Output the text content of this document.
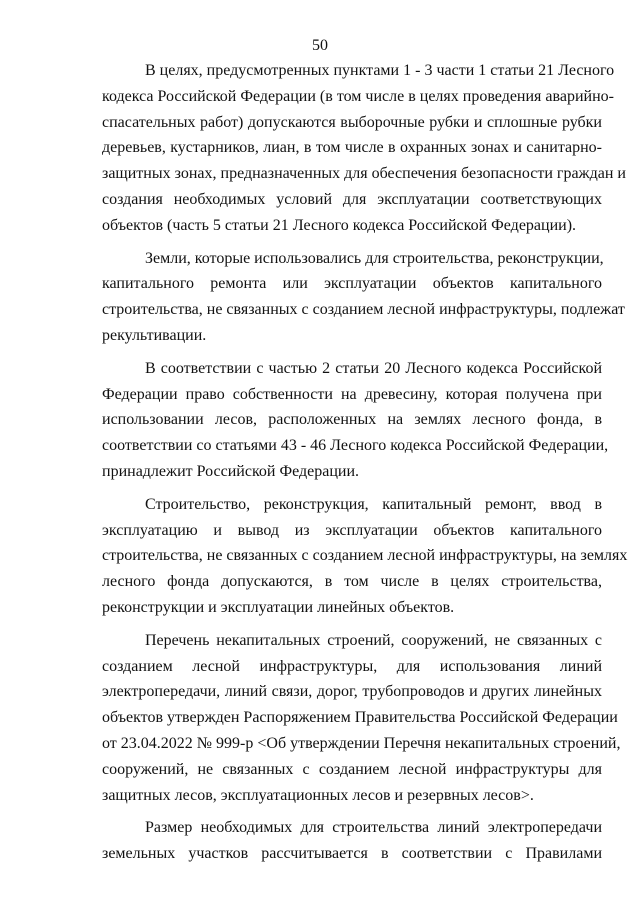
50
В целях, предусмотренных пунктами 1 - 3 части 1 статьи 21 Лесного
кодекса Российской Федерации (в том числе в целях проведения аварийно-
спасательных работ) допускаются выборочные рубки и сплошные рубки
деревьев, кустарников, лиан, в том числе в охранных зонах и санитарно-
защитных зонах, предназначенных для обеспечения безопасности граждан и
создания необходимых условий для эксплуатации соответствующих
объектов (часть 5 статьи 21 Лесного кодекса Российской Федерации).
Земли, которые использовались для строительства, реконструкции,
капитального ремонта или эксплуатации объектов капитального
строительства, не связанных с созданием лесной инфраструктуры, подлежат
рекультивации.
В соответствии с частью 2 статьи 20 Лесного кодекса Российской
Федерации право собственности на древесину, которая получена при
использовании лесов, расположенных на землях лесного фонда, в
соответствии со статьями 43 - 46 Лесного кодекса Российской Федерации,
принадлежит Российской Федерации.
Строительство, реконструкция, капитальный ремонт, ввод в
эксплуатацию и вывод из эксплуатации объектов капитального
строительства, не связанных с созданием лесной инфраструктуры, на землях
лесного фонда допускаются, в том числе в целях строительства,
реконструкции и эксплуатации линейных объектов.
Перечень некапитальных строений, сооружений, не связанных с
созданием лесной инфраструктуры, для использования линий
электропередачи, линий связи, дорог, трубопроводов и других линейных
объектов утвержден Распоряжением Правительства Российской Федерации
от 23.04.2022 № 999-р <Об утверждении Перечня некапитальных строений,
сооружений, не связанных с созданием лесной инфраструктуры для
защитных лесов, эксплуатационных лесов и резервных лесов>.
Размер необходимых для строительства линий электропередачи
земельных участков рассчитывается в соответствии с Правилами
